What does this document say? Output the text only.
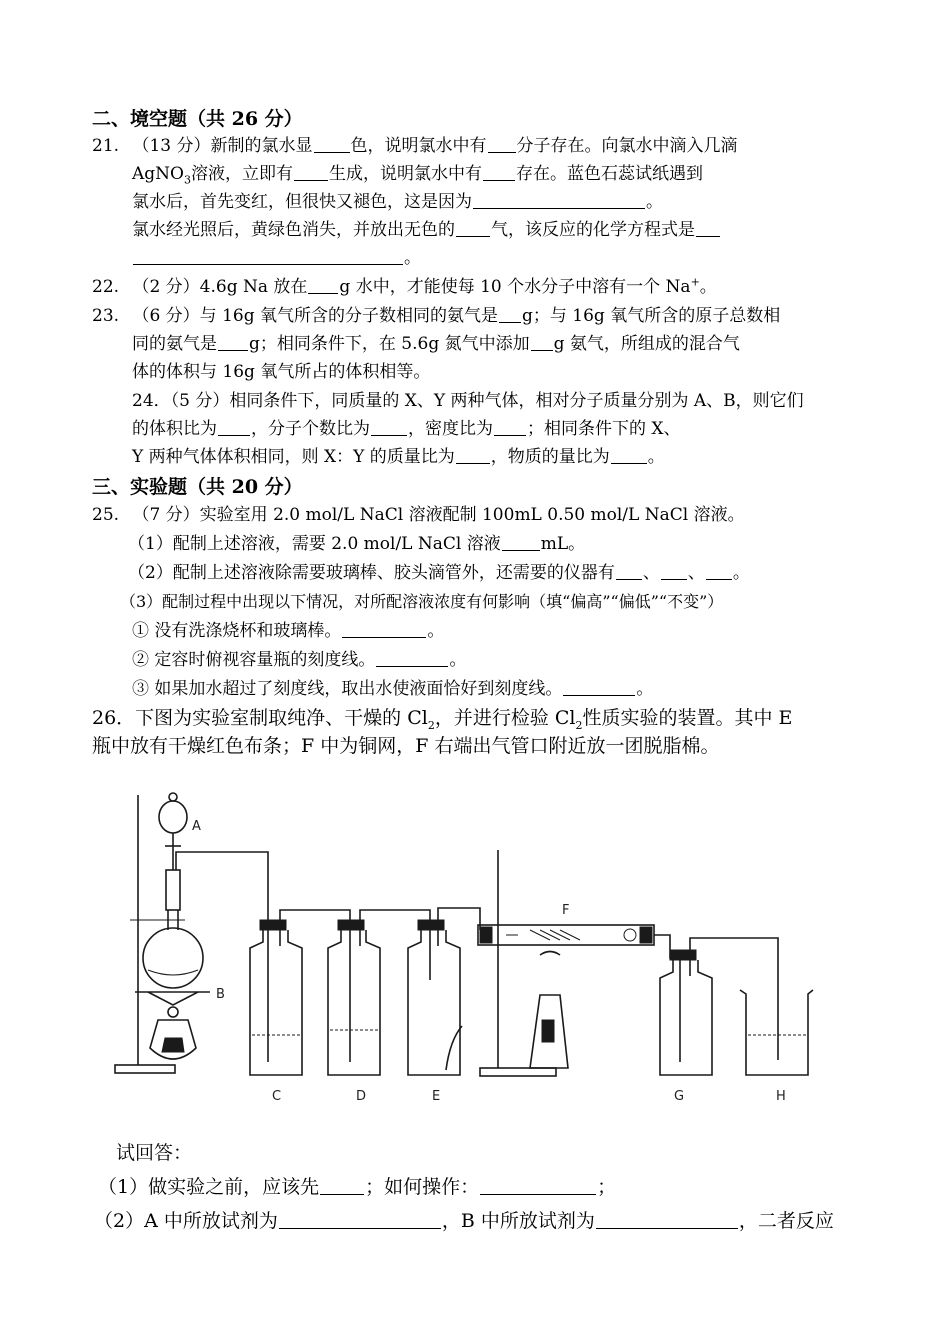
二、境空题（共 26 分）
21. （13 分）新制的氯水显 色，说明氯水中有 分子存在。向氯水中滴入几滴
AgNO$_3$溶液，立即有 生成，说明氯水中有 存在。蓝色石蕊试纸遇到
氯水后，首先变红，但很快又褪色，这是因为	。
氯水经光照后，黄绿色消失，并放出无色的 气，该反应的化学方程式是
。
22. （2 分）4.6g Na 放在 g 水中，才能使每 10 个水分子中溶有一个 Na+。
23. （6 分）与 16g 氧气所含的分子数相同的氨气是 g；与 16g 氧气所含的原子总数相
同的氨气是 g；相同条件下，在 5.6g 氮气中添加 g 氨气，所组成的混合气
体的体积与 16g 氧气所占的体积相等。
24．（5 分）相同条件下，同质量的 X、Y 两种气体，相对分子质量分别为 A、B，则它们
的体积比为 ，分子个数比为 ，密度比为 ；相同条件下的 X、
Y 两种气体体积相同，则 X：Y 的质量比为 ，物质的量比为 。
三、实验题（共 20 分）
25. （7 分）实验室用 2.0 mol/L NaCl 溶液配制 100mL 0.50 mol/L NaCl 溶液。
（1）配制上述溶液，需要 2.0 mol/L NaCl 溶液 mL。
（2）配制上述溶液除需要玻璃棒、胶头滴管外，还需要的仪器有 、 、 。
（3）配制过程中出现以下情况，对所配溶液浓度有何影响（填“偏高”“偏低”“不变”）
① 没有洗涤烧杯和玻璃棒。	。
② 定容时俯视容量瓶的刻度线。	。
③ 如果加水超过了刻度线，取出水使液面恰好到刻度线。	。
26．下图为实验室制取纯净、干燥的 $Cl_2$，并进行检验 $Cl_2$性质实验的装置。其中 E
瓶中放有干燥红色布条；F 中为铜网，F 右端出气管口附近放一团脱脂棉。
A
B
C	D	E
F
G	H
试回答：
（1）做实验之前，应该先 ；如何操作：	；
（2）A 中所放试剂为	，B 中所放试剂为	，二者反应
